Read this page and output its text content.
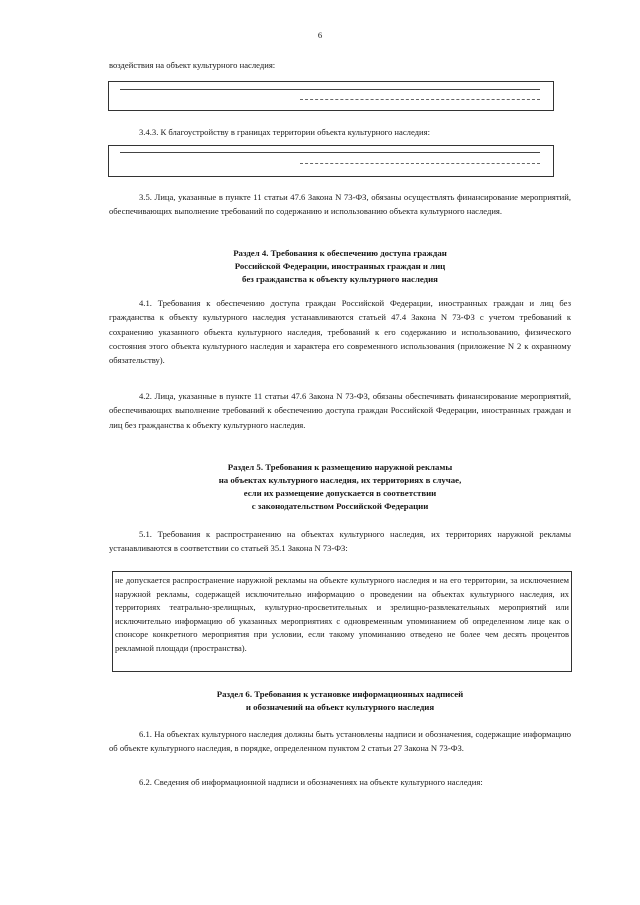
6
воздействия на объект культурного наследия:
3.4.3. К благоустройству в границах территории объекта культурного наследия:
3.5. Лица, указанные в пункте 11 статьи 47.6 Закона N 73-ФЗ, обязаны осуществлять финансирование мероприятий, обеспечивающих выполнение требований по содержанию и использованию объекта культурного наследия.
Раздел 4. Требования к обеспечению доступа граждан
Российской Федерации, иностранных граждан и лиц
без гражданства к объекту культурного наследия
4.1. Требования к обеспечению доступа граждан Российской Федерации, иностранных граждан и лиц без гражданства к объекту культурного наследия устанавливаются статьей 47.4 Закона N 73-ФЗ с учетом требований к сохранению указанного объекта культурного наследия, требований к его содержанию и использованию, физического состояния этого объекта культурного наследия и характера его современного использования (приложение N 2 к охранному обязательству).
4.2. Лица, указанные в пункте 11 статьи 47.6 Закона N 73-ФЗ, обязаны обеспечивать финансирование мероприятий, обеспечивающих выполнение требований к обеспечению доступа граждан Российской Федерации, иностранных граждан и лиц без гражданства к объекту культурного наследия.
Раздел 5. Требования к размещению наружной рекламы
на объектах культурного наследия, их территориях в случае,
если их размещение допускается в соответствии
с законодательством Российской Федерации
5.1. Требования к распространению на объектах культурного наследия, их территориях наружной рекламы устанавливаются в соответствии со статьей 35.1 Закона N 73-ФЗ:
не допускается распространение наружной рекламы на объекте культурного наследия и на его территории, за исключением наружной рекламы, содержащей исключительно информацию о проведении на объектах культурного наследия, их территориях театрально-зрелищных, культурно-просветительных и зрелищно-развлекательных мероприятий или исключительно информацию об указанных мероприятиях с одновременным упоминанием об определенном лице как о спонсоре конкретного мероприятия при условии, если такому упоминанию отведено не более чем десять процентов рекламной площади (пространства).
Раздел 6. Требования к установке информационных надписей
и обозначений на объект культурного наследия
6.1. На объектах культурного наследия должны быть установлены надписи и обозначения, содержащие информацию об объекте культурного наследия, в порядке, определенном пунктом 2 статьи 27 Закона N 73-ФЗ.
6.2. Сведения об информационной надписи и обозначениях на объекте культурного наследия:
